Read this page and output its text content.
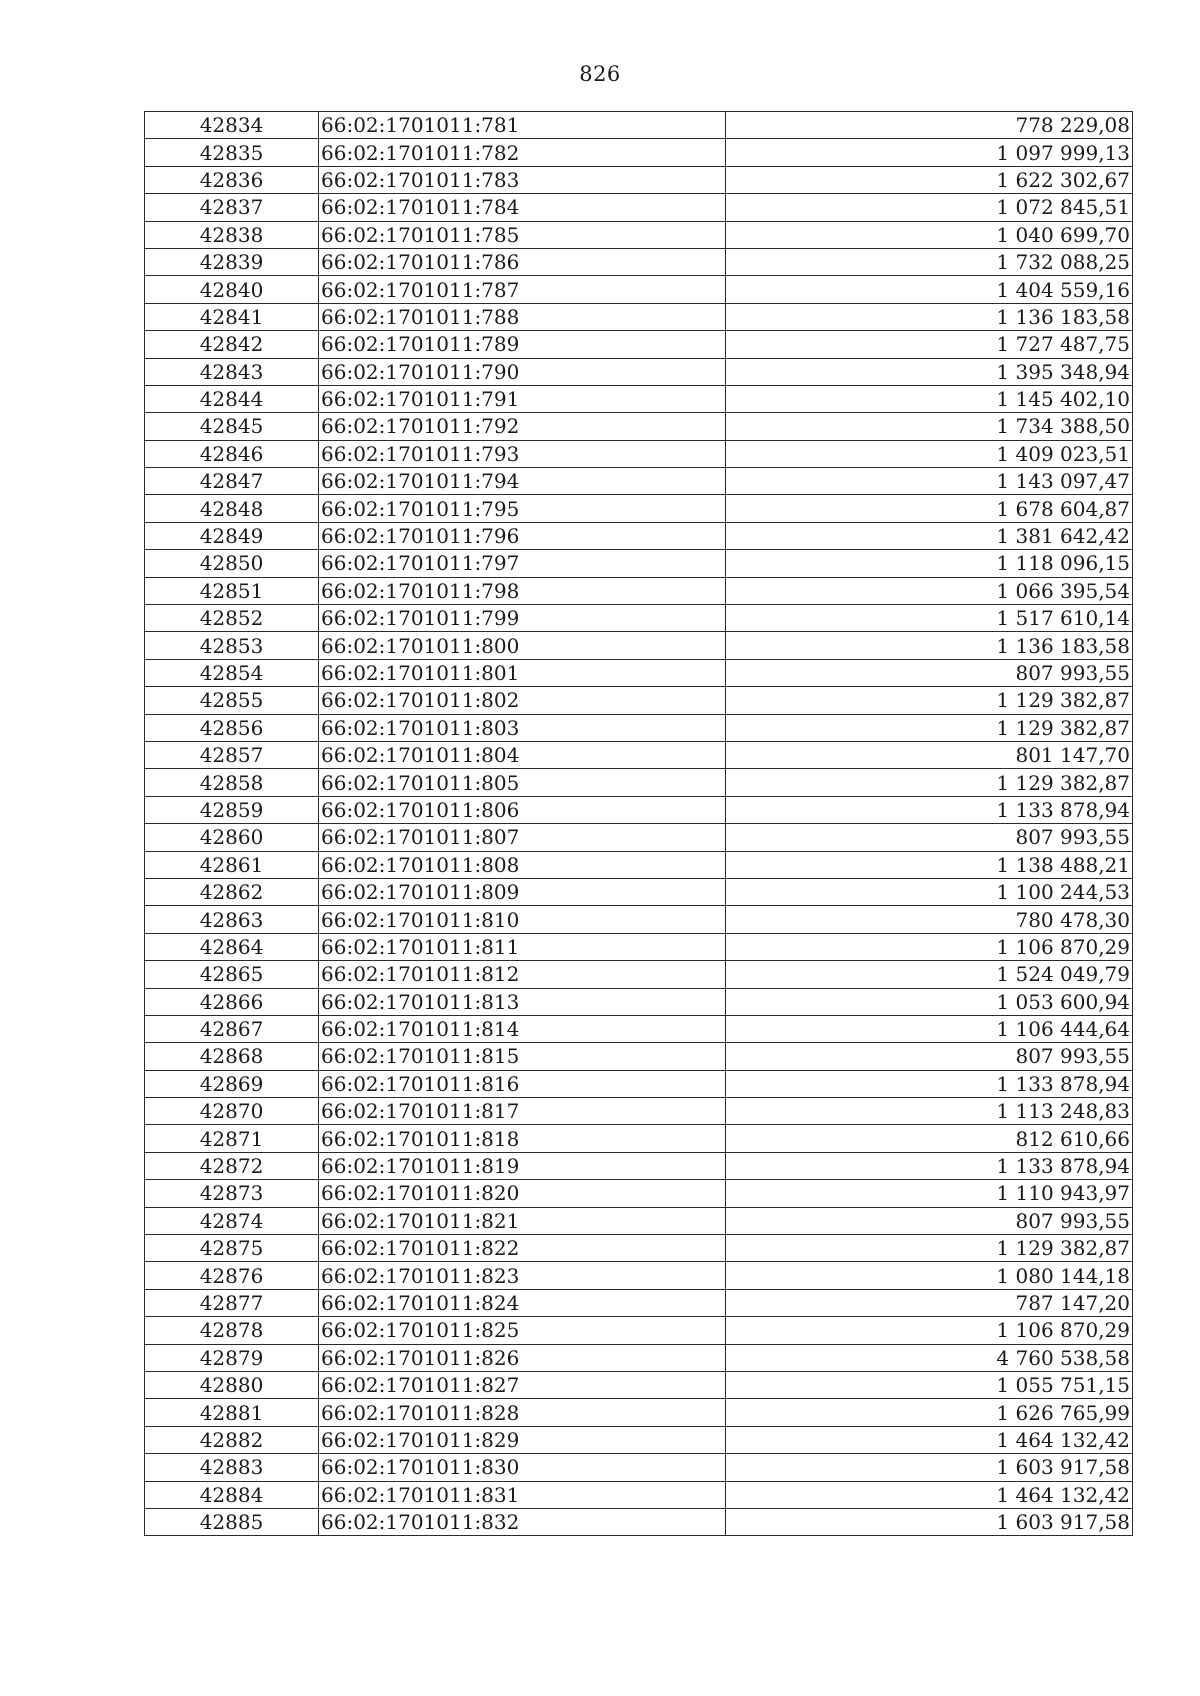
826
42834	66:02:1701011:781	778 229,08
42835	66:02:1701011:782	1 097 999,13
42836	66:02:1701011:783	1 622 302,67
42837	66:02:1701011:784	1 072 845,51
42838	66:02:1701011:785	1 040 699,70
42839	66:02:1701011:786	1 732 088,25
42840	66:02:1701011:787	1 404 559,16
42841	66:02:1701011:788	1 136 183,58
42842	66:02:1701011:789	1 727 487,75
42843	66:02:1701011:790	1 395 348,94
42844	66:02:1701011:791	1 145 402,10
42845	66:02:1701011:792	1 734 388,50
42846	66:02:1701011:793	1 409 023,51
42847	66:02:1701011:794	1 143 097,47
42848	66:02:1701011:795	1 678 604,87
42849	66:02:1701011:796	1 381 642,42
42850	66:02:1701011:797	1 118 096,15
42851	66:02:1701011:798	1 066 395,54
42852	66:02:1701011:799	1 517 610,14
42853	66:02:1701011:800	1 136 183,58
42854	66:02:1701011:801	807 993,55
42855	66:02:1701011:802	1 129 382,87
42856	66:02:1701011:803	1 129 382,87
42857	66:02:1701011:804	801 147,70
42858	66:02:1701011:805	1 129 382,87
42859	66:02:1701011:806	1 133 878,94
42860	66:02:1701011:807	807 993,55
42861	66:02:1701011:808	1 138 488,21
42862	66:02:1701011:809	1 100 244,53
42863	66:02:1701011:810	780 478,30
42864	66:02:1701011:811	1 106 870,29
42865	66:02:1701011:812	1 524 049,79
42866	66:02:1701011:813	1 053 600,94
42867	66:02:1701011:814	1 106 444,64
42868	66:02:1701011:815	807 993,55
42869	66:02:1701011:816	1 133 878,94
42870	66:02:1701011:817	1 113 248,83
42871	66:02:1701011:818	812 610,66
42872	66:02:1701011:819	1 133 878,94
42873	66:02:1701011:820	1 110 943,97
42874	66:02:1701011:821	807 993,55
42875	66:02:1701011:822	1 129 382,87
42876	66:02:1701011:823	1 080 144,18
42877	66:02:1701011:824	787 147,20
42878	66:02:1701011:825	1 106 870,29
42879	66:02:1701011:826	4 760 538,58
42880	66:02:1701011:827	1 055 751,15
42881	66:02:1701011:828	1 626 765,99
42882	66:02:1701011:829	1 464 132,42
42883	66:02:1701011:830	1 603 917,58
42884	66:02:1701011:831	1 464 132,42
42885	66:02:1701011:832	1 603 917,58
